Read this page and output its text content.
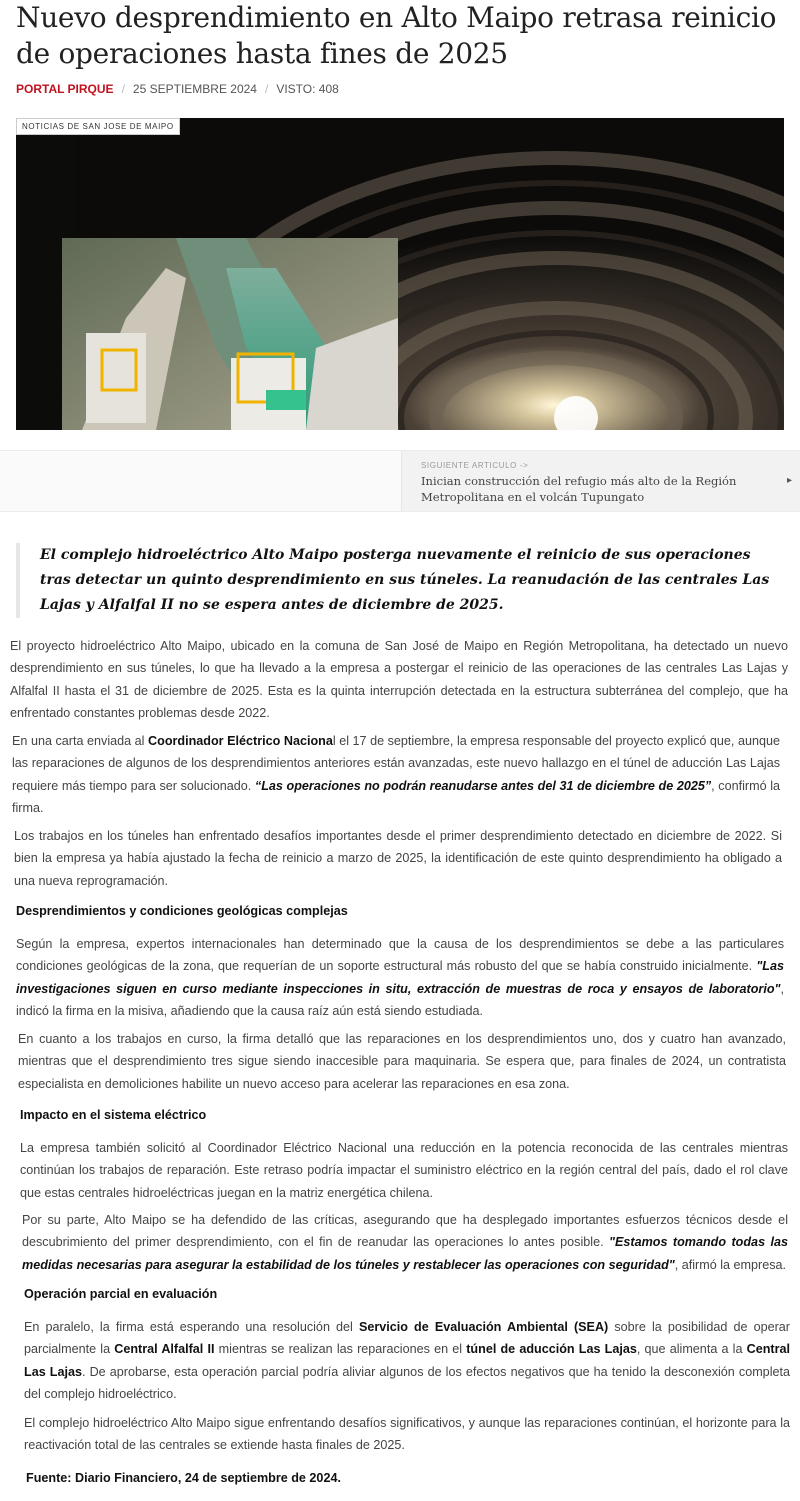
Nuevo desprendimiento en Alto Maipo retrasa reinicio de operaciones hasta fines de 2025
PORTAL PIRQUE / 25 SEPTIEMBRE 2024 / VISTO: 408
NOTICIAS DE SAN JOSE DE MAIPO
SIGUIENTE ARTICULO ->
Inician construcción del refugio más alto de la Región Metropolitana en el volcán Tupungato
▸
El complejo hidroeléctrico Alto Maipo posterga nuevamente el reinicio de sus operaciones tras detectar un quinto desprendimiento en sus túneles. La reanudación de las centrales Las Lajas y Alfalfal II no se espera antes de diciembre de 2025.

El proyecto hidroeléctrico Alto Maipo, ubicado en la comuna de San José de Maipo en Región Metropolitana, ha detectado un nuevo desprendimiento en sus túneles, lo que ha llevado a la empresa a postergar el reinicio de las operaciones de las centrales Las Lajas y Alfalfal II hasta el 31 de diciembre de 2025. Esta es la quinta interrupción detectada en la estructura subterránea del complejo, que ha enfrentado constantes problemas desde 2022.

En una carta enviada al Coordinador Eléctrico Nacional el 17 de septiembre, la empresa responsable del proyecto explicó que, aunque las reparaciones de algunos de los desprendimientos anteriores están avanzadas, este nuevo hallazgo en el túnel de aducción Las Lajas requiere más tiempo para ser solucionado. “Las operaciones no podrán reanudarse antes del 31 de diciembre de 2025”, confirmó la firma.

Los trabajos en los túneles han enfrentado desafíos importantes desde el primer desprendimiento detectado en diciembre de 2022. Si bien la empresa ya había ajustado la fecha de reinicio a marzo de 2025, la identificación de este quinto desprendimiento ha obligado a una nueva reprogramación.

Desprendimientos y condiciones geológicas complejas

Según la empresa, expertos internacionales han determinado que la causa de los desprendimientos se debe a las particulares condiciones geológicas de la zona, que requerían de un soporte estructural más robusto del que se había construido inicialmente. "Las investigaciones siguen en curso mediante inspecciones in situ, extracción de muestras de roca y ensayos de laboratorio", indicó la firma en la misiva, añadiendo que la causa raíz aún está siendo estudiada.

En cuanto a los trabajos en curso, la firma detalló que las reparaciones en los desprendimientos uno, dos y cuatro han avanzado, mientras que el desprendimiento tres sigue siendo inaccesible para maquinaria. Se espera que, para finales de 2024, un contratista especialista en demoliciones habilite un nuevo acceso para acelerar las reparaciones en esa zona.

Impacto en el sistema eléctrico

La empresa también solicitó al Coordinador Eléctrico Nacional una reducción en la potencia reconocida de las centrales mientras continúan los trabajos de reparación. Este retraso podría impactar el suministro eléctrico en la región central del país, dado el rol clave que estas centrales hidroeléctricas juegan en la matriz energética chilena.

Por su parte, Alto Maipo se ha defendido de las críticas, asegurando que ha desplegado importantes esfuerzos técnicos desde el descubrimiento del primer desprendimiento, con el fin de reanudar las operaciones lo antes posible. "Estamos tomando todas las medidas necesarias para asegurar la estabilidad de los túneles y restablecer las operaciones con seguridad", afirmó la empresa.

Operación parcial en evaluación

En paralelo, la firma está esperando una resolución del Servicio de Evaluación Ambiental (SEA) sobre la posibilidad de operar parcialmente la Central Alfalfal II mientras se realizan las reparaciones en el túnel de aducción Las Lajas, que alimenta a la Central Las Lajas. De aprobarse, esta operación parcial podría aliviar algunos de los efectos negativos que ha tenido la desconexión completa del complejo hidroeléctrico.

El complejo hidroeléctrico Alto Maipo sigue enfrentando desafíos significativos, y aunque las reparaciones continúan, el horizonte para la reactivación total de las centrales se extiende hasta finales de 2025.

Fuente: Diario Financiero, 24 de septiembre de 2024.
